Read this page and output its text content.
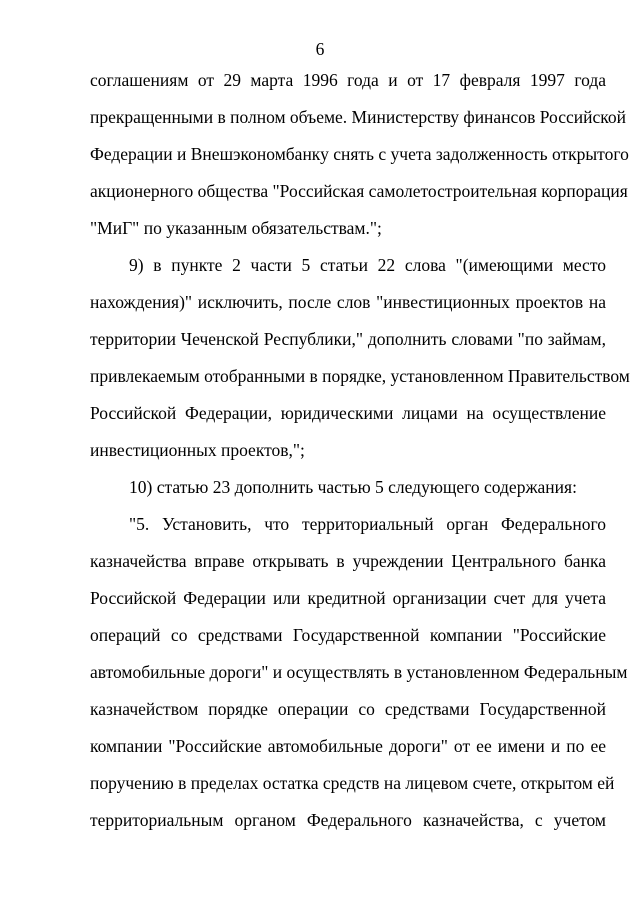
6
соглашениям от 29 марта 1996 года и от 17 февраля 1997 года
прекращенными в полном объеме. Министерству финансов Российской
Федерации и Внешэкономбанку снять с учета задолженность открытого
акционерного общества "Российская самолетостроительная корпорация
"МиГ" по указанным обязательствам.";
9) в пункте 2 части 5 статьи 22 слова "(имеющими место
нахождения)" исключить, после слов "инвестиционных проектов на
территории Чеченской Республики," дополнить словами "по займам,
привлекаемым отобранными в порядке, установленном Правительством
Российской Федерации, юридическими лицами на осуществление
инвестиционных проектов,";
10) статью 23 дополнить частью 5 следующего содержания:
"5. Установить, что территориальный орган Федерального
казначейства вправе открывать в учреждении Центрального банка
Российской Федерации или кредитной организации счет для учета
операций со средствами Государственной компании "Российские
автомобильные дороги" и осуществлять в установленном Федеральным
казначейством порядке операции со средствами Государственной
компании "Российские автомобильные дороги" от ее имени и по ее
поручению в пределах остатка средств на лицевом счете, открытом ей
территориальным органом Федерального казначейства, с учетом
